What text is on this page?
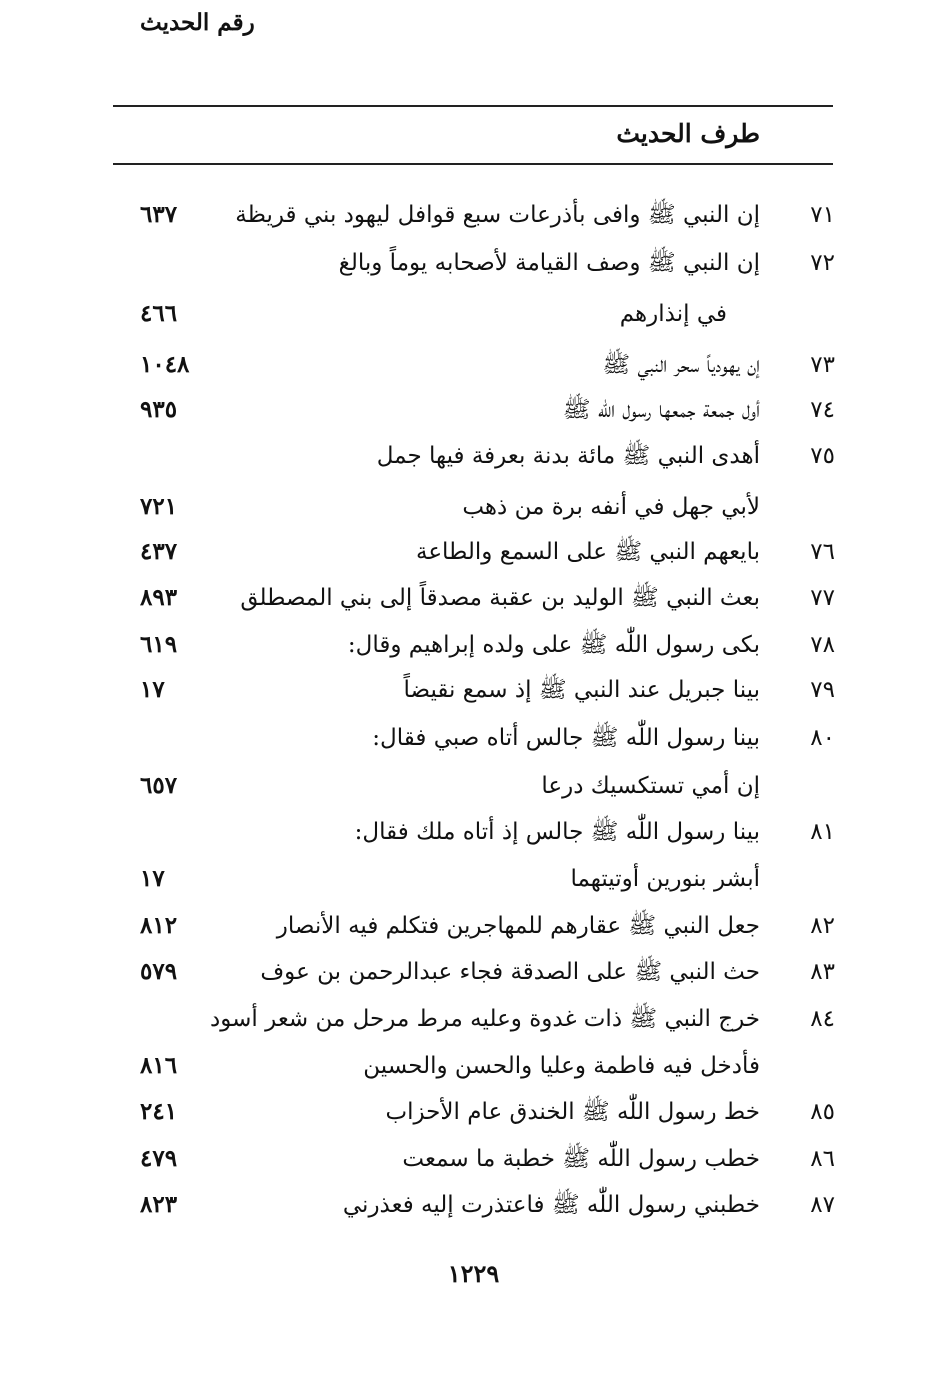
طرف الحديث
رقم الحديث
٧١
إن النبي ﷺ وافى بأذرعات سبع قوافل ليهود بني قريظة
٦٣٧
٧٢
إن النبي ﷺ وصف القيامة لأصحابه يوماً وبالغ
في إنذارهم
٤٦٦
٧٣
إن يهودياً سحر النبي ﷺ
١٠٤٨
٧٤
أول جمعة جمعها رسول اللّٰه ﷺ
٩٣٥
٧٥
أهدى النبي ﷺ مائة بدنة بعرفة فيها جمل
لأبي جهل في أنفه برة من ذهب
٧٢١
٧٦
بايعهم النبي ﷺ على السمع والطاعة
٤٣٧
٧٧
بعث النبي ﷺ الوليد بن عقبة مصدقاً إلى بني المصطلق
٨٩٣
٧٨
بكى رسول اللّٰه ﷺ على ولده إبراهيم وقال:
٦١٩
٧٩
بينا جبريل عند النبي ﷺ إذ سمع نقيضاً
١٧
٨٠
بينا رسول اللّٰه ﷺ جالس أتاه صبي فقال:
إن أمي تستكسيك درعا
٦٥٧
٨١
بينا رسول اللّٰه ﷺ جالس إذ أتاه ملك فقال:
أبشر بنورين أوتيتهما
١٧
٨٢
جعل النبي ﷺ عقارهم للمهاجرين فتكلم فيه الأنصار
٨١٢
٨٣
حث النبي ﷺ على الصدقة فجاء عبدالرحمن بن عوف
٥٧٩
٨٤
خرج النبي ﷺ ذات غدوة وعليه مرط مرحل من شعر أسود
فأدخل فيه فاطمة وعليا والحسن والحسين
٨١٦
٨٥
خط رسول اللّٰه ﷺ الخندق عام الأحزاب
٢٤١
٨٦
خطب رسول اللّٰه ﷺ خطبة ما سمعت
٤٧٩
٨٧
خطبني رسول اللّٰه ﷺ فاعتذرت إليه فعذرني
٨٢٣
١٢٢٩
